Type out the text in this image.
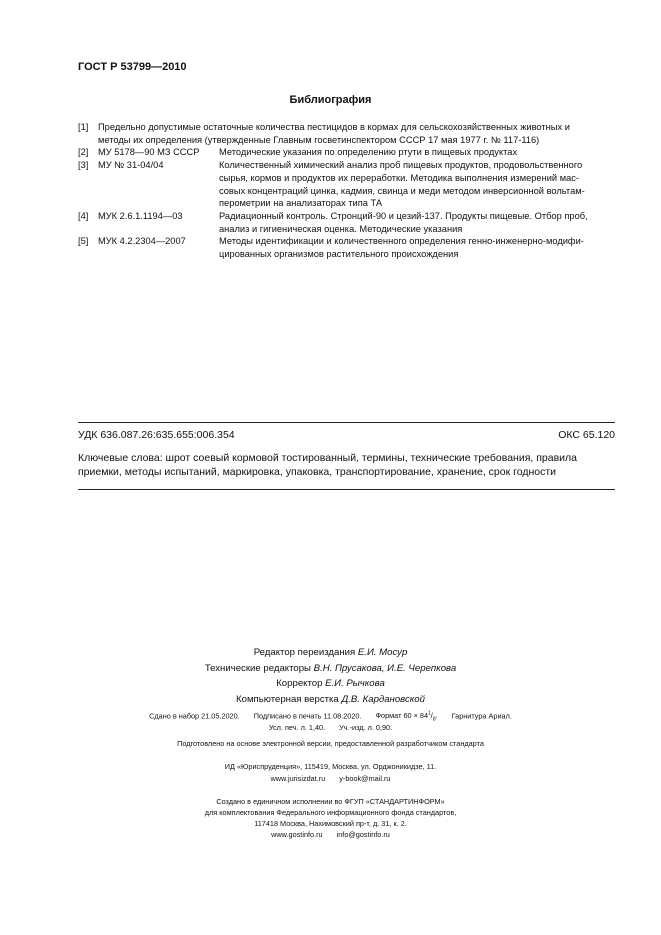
ГОСТ Р 53799—2010
Библиография
[1]	Предельно допустимые остаточные количества пестицидов в кормах для сельскохозяйственных животных и
методы их определения (утвержденные Главным госветинспектором СССР 17 мая 1977 г. № 117-116)
[2]	МУ 5178—90 МЗ СССР	Методические указания по определению ртути в пищевых продуктах
[3]	МУ № 31-04/04	Количественный химический анализ проб пищевых продуктов, продовольственного
сырья, кормов и продуктов их переработки. Методика выполнения измерений мас-
совых концентраций цинка, кадмия, свинца и меди методом инверсионной вольтам-
перометрии на анализаторах типа ТА
[4]	МУК 2.6.1.1194—03	Радиационный контроль. Стронций-90 и цезий-137. Продукты пищевые. Отбор проб,
анализ и гигиеническая оценка. Методические указания
[5]	МУК 4.2.2304—2007	Методы идентификации и количественного определения генно-инженерно-модифи-
цированных организмов растительного происхождения
УДК 636.087.26:635.655:006.354	ОКС 65.120
Ключевые слова: шрот соевый кормовой тостированный, термины, технические требования, правила
приемки, методы испытаний, маркировка, упаковка, транспортирование, хранение, срок годности
Редактор переиздания Е.И. Мосур
Технические редакторы В.Н. Прусакова, И.Е. Черепкова
Корректор Е.И. Рычкова
Компьютерная верстка Д.В. Кардановской
Сдано в набор 21.05.2020. Подписано в печать 11.08.2020. Формат $60 \times 84^1/_8$. Гарнитура Ариал.
Усл. печ. л. 1,40. Уч.-изд. л. 0,90.
Подготовлено на основе электронной версии, предоставленной разработчиком стандарта
ИД «Юриспруденция», 115419, Москва, ул. Орджоникидзе, 11.
www.jurisizdat.ru y-book@mail.ru
Создано в единичном исполнении во ФГУП «СТАНДАРТИНФОРМ»
для комплектования Федерального информационного фонда стандартов,
117418 Москва, Нахимовский пр-т, д. 31, к. 2.
www.gostinfo.ru info@gostinfo.ru
